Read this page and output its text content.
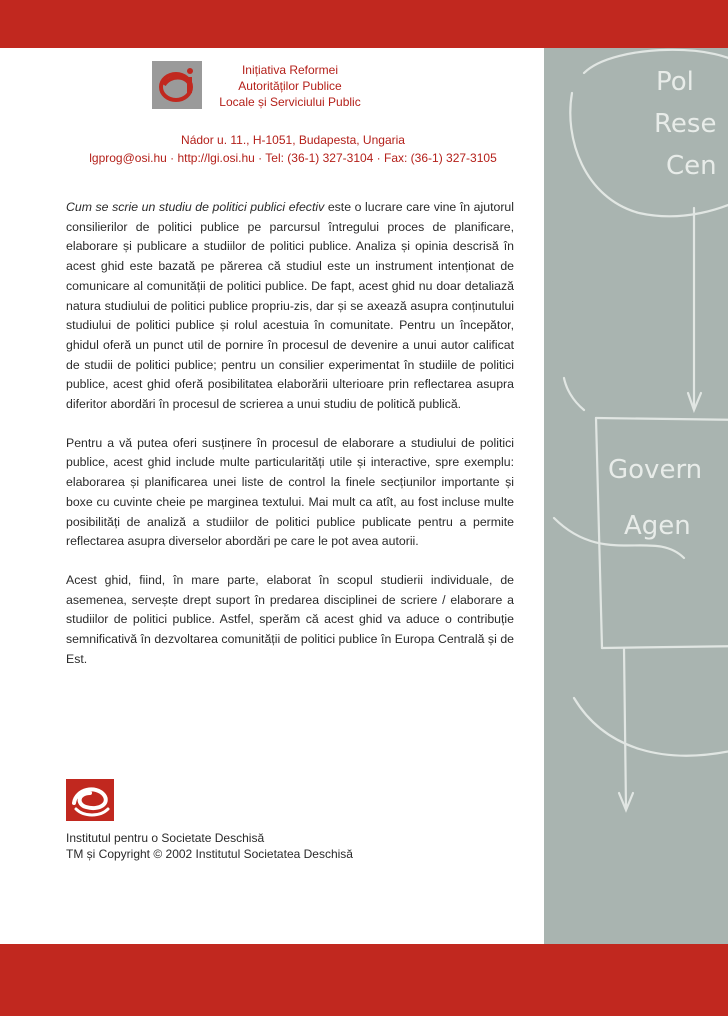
Pol
Rese
Cen
Govern
Agen
Inițiativa Reformei
Autorităților Publice
Locale și Serviciului Public
Nádor u. 11., H-1051, Budapesta, Ungaria
lgprog@osi.hu · http://lgi.osi.hu · Tel: (36-1) 327-3104 · Fax: (36-1) 327-3105

Cum se scrie un studiu de politici publici efectiv este o lucrare care vine în ajutorul consilierilor de politici publice pe parcursul întregului proces de planificare, elaborare și publicare a studiilor de politici publice. Analiza și opinia descrisă în acest ghid este bazată pe părerea că studiul este un instrument intenționat de comunicare al comunității de politici publice. De fapt, acest ghid nu doar detaliază natura studiului de politici publice propriu-zis, dar și se axează asupra conținutului studiului de politici publice și rolul acestuia în comunitate. Pentru un începător, ghidul oferă un punct util de pornire în procesul de devenire a unui autor calificat de studii de politici publice; pentru un consilier experimentat în studiile de politici publice, acest ghid oferă posibilitatea elaborării ulterioare prin reflectarea asupra diferitor abordări în procesul de scrierea a unui studiu de politică publică.

Pentru a vă putea oferi susținere în procesul de elaborare a studiului de politici publice, acest ghid include multe particularități utile și interactive, spre exemplu: elaborarea și planificarea unei liste de control la finele secțiunilor importante și boxe cu cuvinte cheie pe marginea textului. Mai mult ca atît, au fost incluse multe posibilități de analiză a studiilor de politici publice publicate pentru a permite reflectarea asupra diverselor abordări pe care le pot avea autorii.

Acest ghid, fiind, în mare parte, elaborat în scopul studierii individuale, de asemenea, servește drept suport în predarea disciplinei de scriere / elaborare a studiilor de politici publice. Astfel, sperăm că acest ghid va aduce o contribuție semnificativă în dezvoltarea comunității de politici publice în Europa Centrală și de Est.

Institutul pentru o Societate Deschisă
TM și Copyright © 2002 Institutul Societatea Deschisă
